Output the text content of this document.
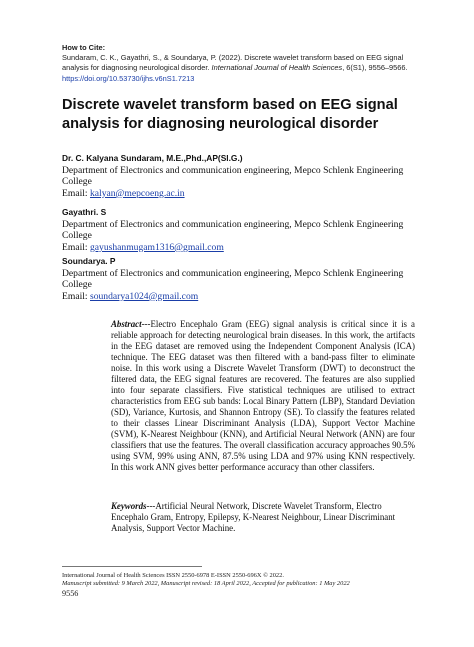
How to Cite:
Sundaram, C. K., Gayathri, S., & Soundarya, P. (2022). Discrete wavelet transform based on EEG signal analysis for diagnosing neurological disorder. International Journal of Health Sciences, 6(S1), 9556–9566. https://doi.org/10.53730/ijhs.v6nS1.7213
Discrete wavelet transform based on EEG signal analysis for diagnosing neurological disorder
Dr. C. Kalyana Sundaram, M.E.,Phd.,AP(Sl.G.)
Department of Electronics and communication engineering, Mepco Schlenk Engineering College
Email: kalyan@mepcoeng.ac.in
Gayathri. S
Department of Electronics and communication engineering, Mepco Schlenk Engineering College
Email: gayushanmugam1316@gmail.com
Soundarya. P
Department of Electronics and communication engineering, Mepco Schlenk Engineering College
Email: soundarya1024@gmail.com
Abstract---Electro Encephalo Gram (EEG) signal analysis is critical since it is a reliable approach for detecting neurological brain diseases. In this work, the artifacts in the EEG dataset are removed using the Independent Component Analysis (ICA) technique. The EEG dataset was then filtered with a band-pass filter to eliminate noise. In this work using a Discrete Wavelet Transform (DWT) to deconstruct the filtered data, the EEG signal features are recovered. The features are also supplied into four separate classifiers. Five statistical techniques are utilised to extract characteristics from EEG sub bands: Local Binary Pattern (LBP), Standard Deviation (SD), Variance, Kurtosis, and Shannon Entropy (SE). To classify the features related to their classes Linear Discriminant Analysis (LDA), Support Vector Machine (SVM), K-Nearest Neighbour (KNN), and Artificial Neural Network (ANN) are four classifiers that use the features. The overall classification accuracy approaches 90.5% using SVM, 99% using ANN, 87.5% using LDA and 97% using KNN respectively. In this work ANN gives better performance accuracy than other classifers.
Keywords---Artificial Neural Network, Discrete Wavelet Transform, Electro Encephalo Gram, Entropy, Epilepsy, K-Nearest Neighbour, Linear Discriminant Analysis, Support Vector Machine.
International Journal of Health Sciences ISSN 2550-6978 E-ISSN 2550-696X © 2022.
Manuscript submitted: 9 March 2022, Manuscript revised: 18 April 2022, Accepted for publication: 1 May 2022
9556
